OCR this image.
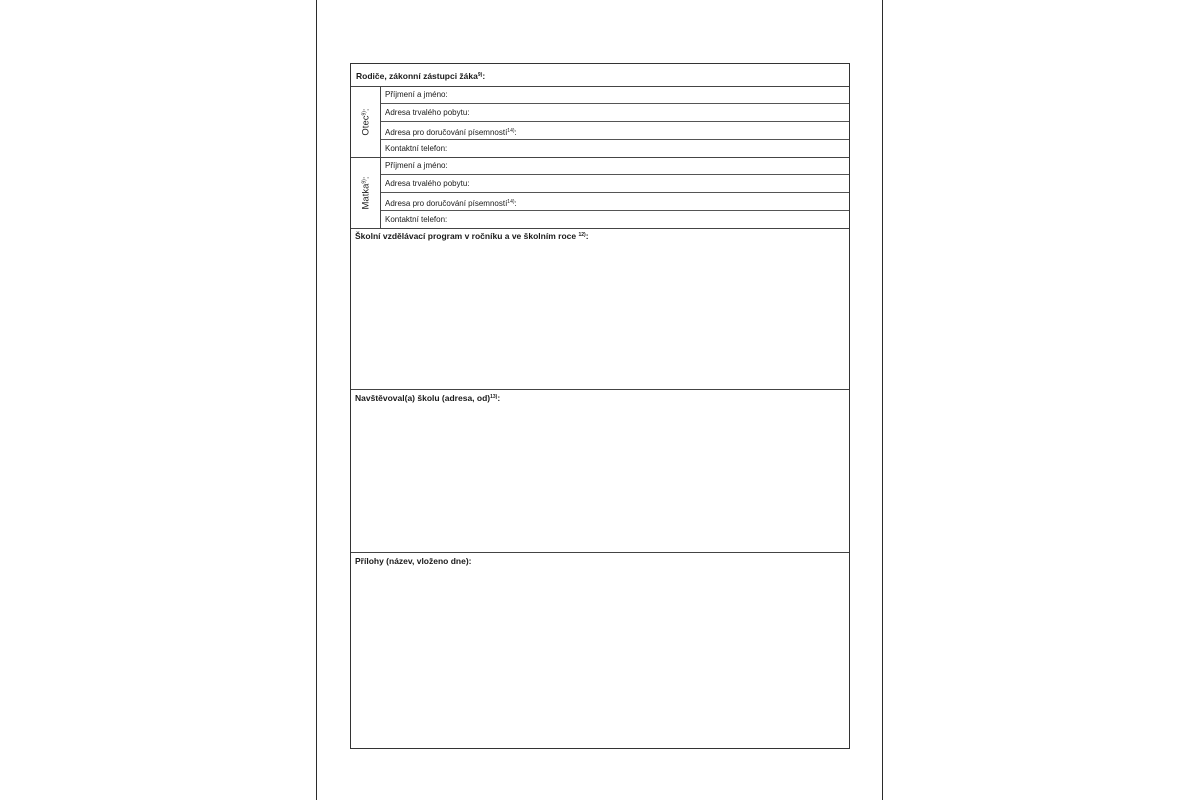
Rodiče, zákonní zástupci žáka$^{9)}$:
Otec$^{9)}$:
Příjmení a jméno:
Adresa trvalého pobytu:
Adresa pro doručování písemností$^{14)}$:
Kontaktní telefon:
Matka$^{9)}$:
Příjmení a jméno:
Adresa trvalého pobytu:
Adresa pro doručování písemností$^{14)}$:
Kontaktní telefon:
Školní vzdělávací program v ročníku a ve školním roce $^{12)}$:
Navštěvoval(a) školu (adresa, od)$^{13)}$:
Přílohy (název, vloženo dne):
